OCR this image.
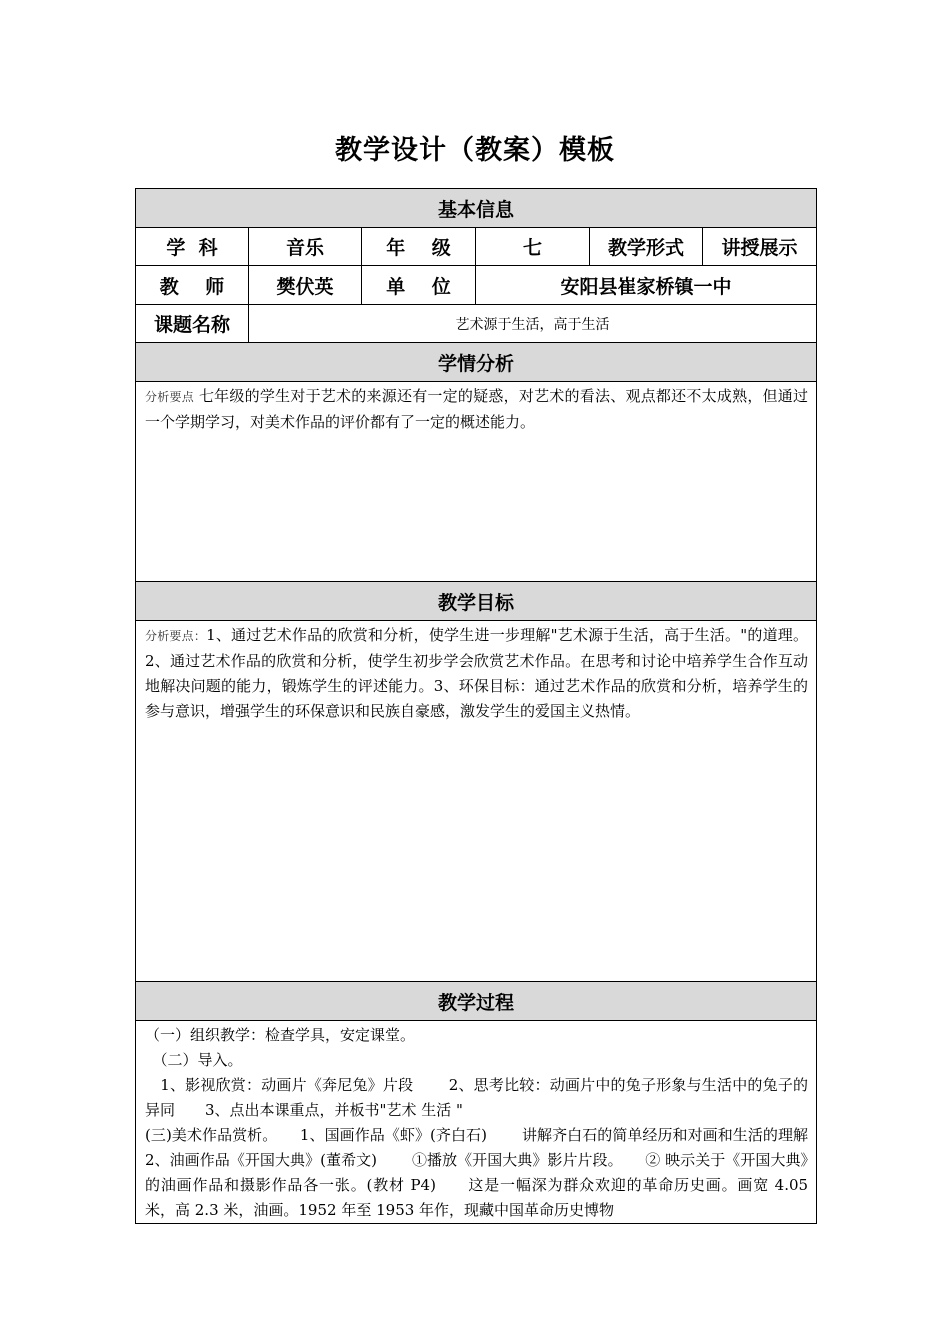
教学设计（教案）模板
基本信息					
学  科	音乐	年    级	七	教学形式	讲授展示
教    师	樊伏英	单    位	安阳县崔家桥镇一中		
课题名称	艺术源于生活，高于生活				
学情分析					
分析要点 七年级的学生对于艺术的来源还有一定的疑惑，对艺术的看法、观点都还不太成熟，但通过一个学期学习，对美术作品的评价都有了一定的概述能力。					
教学目标					
分析要点：1、通过艺术作品的欣赏和分析，使学生进一步理解"艺术源于生活，高于生活。"的道理。2、通过艺术作品的欣赏和分析，使学生初步学会欣赏艺术作品。在思考和讨论中培养学生合作互动地解决问题的能力，锻炼学生的评述能力。3、环保目标：通过艺术作品的欣赏和分析，培养学生的参与意识，增强学生的环保意识和民族自豪感，激发学生的爱国主义热情。					
教学过程					

（一）组织教学：检查学具，安定课堂。

　（二）导入。

　1、影视欣赏：动画片《奔尼兔》片段　　 2、思考比较：动画片中的兔子形象与生活中的兔子的异同　　3、点出本课重点，并板书"艺术 生活 "

(三)美术作品赏析。　　1、国画作品《虾》(齐白石)　　 讲解齐白石的简单经历和对画和生活的理解　2、油画作品《开国大典》(董希文)　　 ①播放《开国大典》影片片段。　　② 映示关于《开国大典》的油画作品和摄影作品各一张。(教材 P4)　　这是一幅深为群众欢迎的革命历史画。画宽 4.05 米，高 2.3 米，油画。1952 年至 1953 年作，现藏中国革命历史博物					
